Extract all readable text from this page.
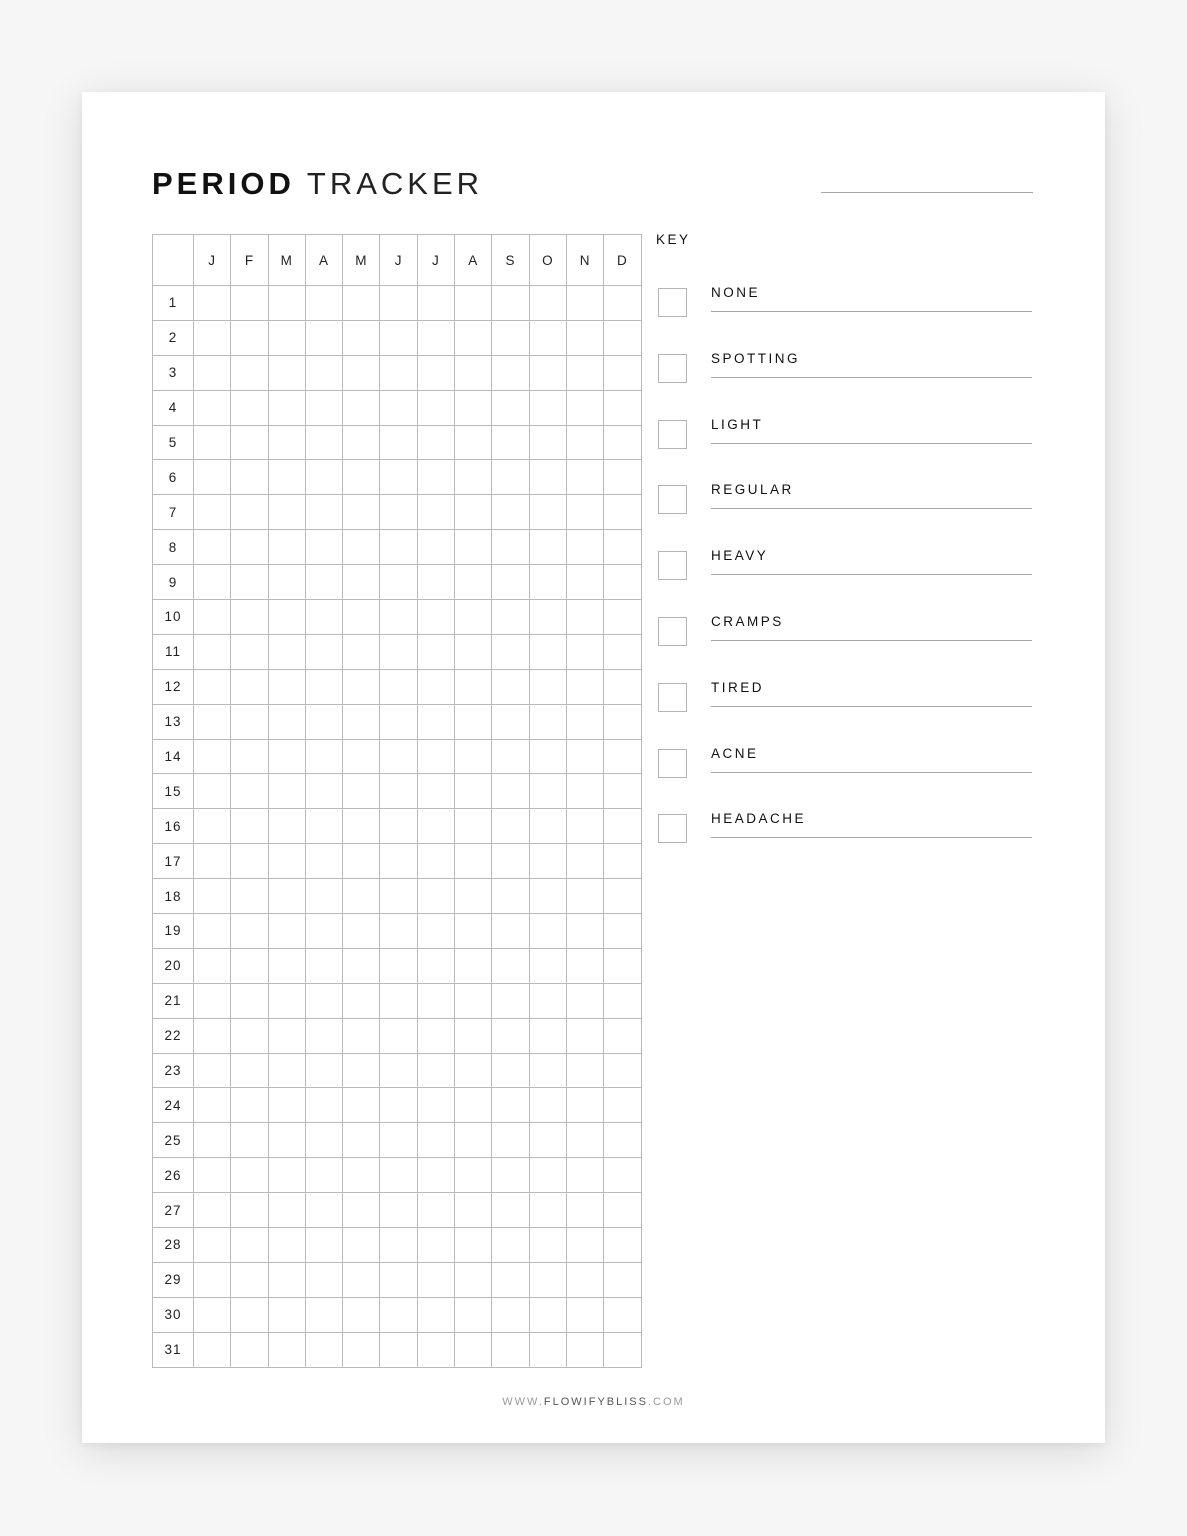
PERIOD TRACKER
	J	F	M	A	M	J	J	A	S	O	N	D
1												
2												
3												
4												
5												
6												
7												
8												
9												
10												
11												
12												
13												
14												
15												
16												
17												
18												
19												
20												
21												
22												
23												
24												
25												
26												
27												
28												
29												
30												
31												
KEY
NONE
SPOTTING
LIGHT
REGULAR
HEAVY
CRAMPS
TIRED
ACNE
HEADACHE
WWW.FLOWIFYBLISS.COM
